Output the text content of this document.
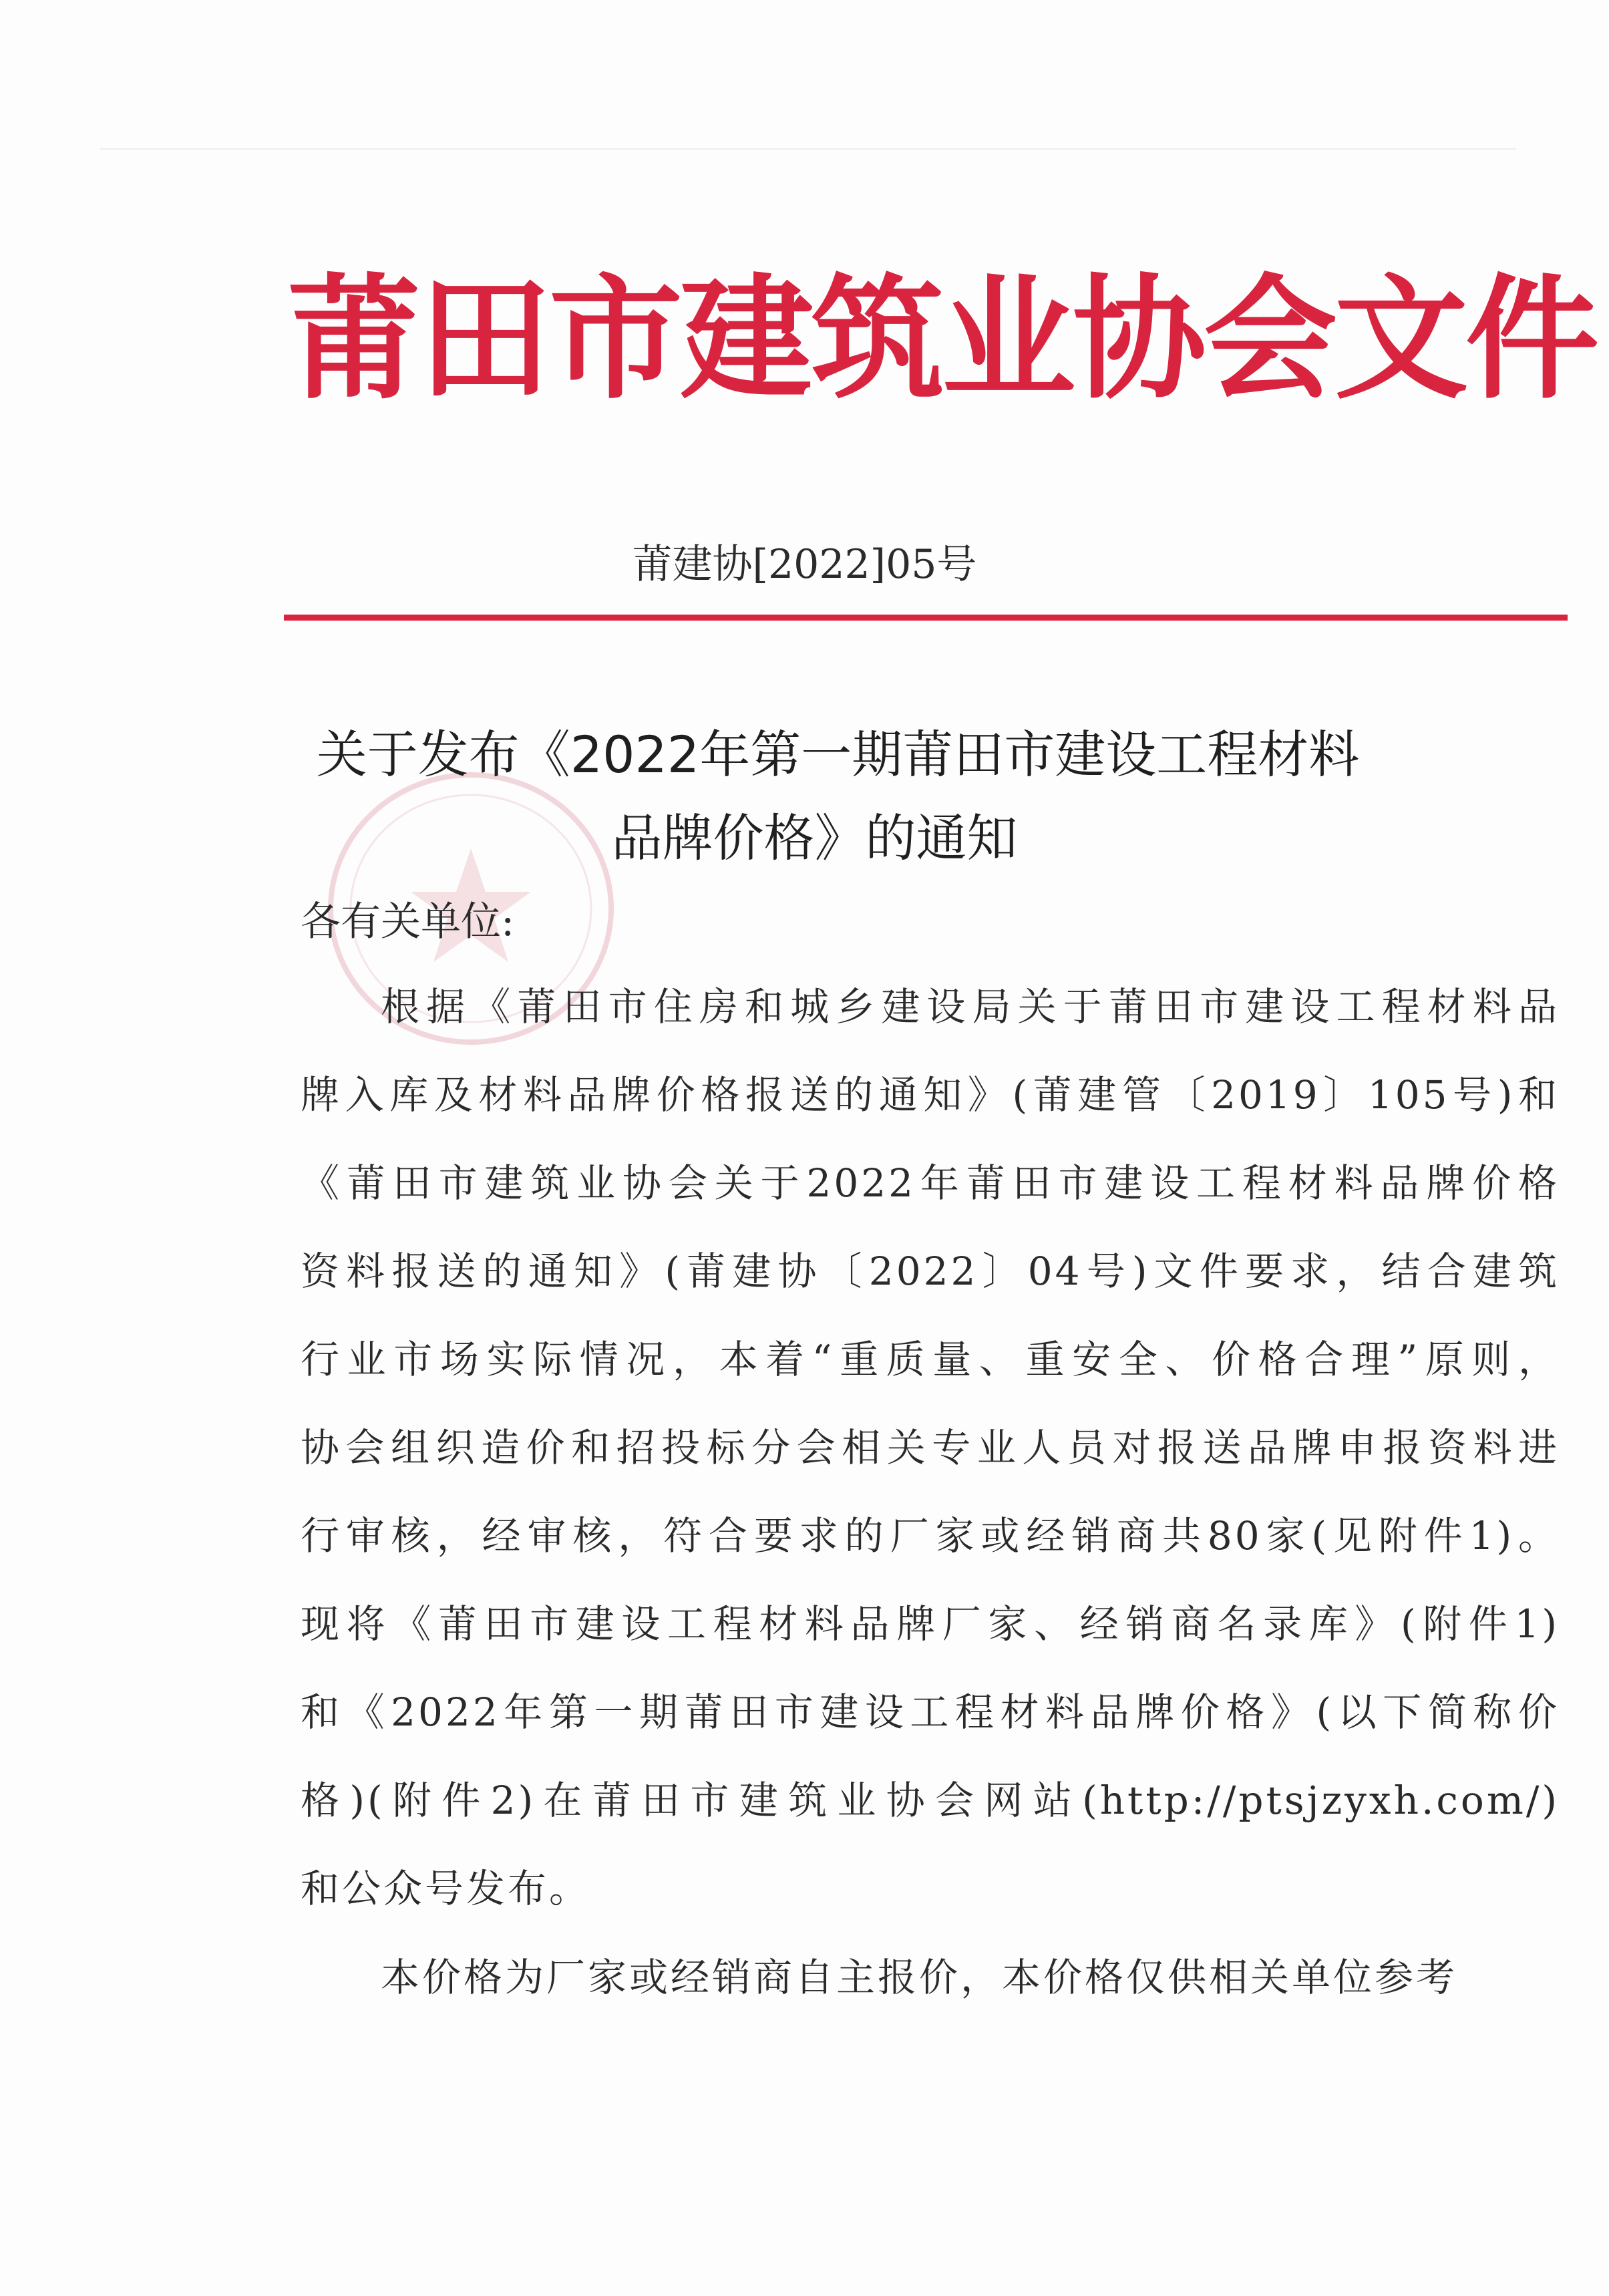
莆田市建筑业协会文件
莆建协[2022]05号
关于发布《2022年第一期莆田市建设工程材料
品牌价格》的通知
各有关单位:
根据《莆田市住房和城乡建设局关于莆田市建设工程材料品
牌入库及材料品牌价格报送的通知》(莆建管〔2019〕105号)和
《莆田市建筑业协会关于2022年莆田市建设工程材料品牌价格
资料报送的通知》(莆建协〔2022〕04号)文件要求，结合建筑
行业市场实际情况，本着“重质量、重安全、价格合理”原则，
协会组织造价和招投标分会相关专业人员对报送品牌申报资料进
行审核，经审核，符合要求的厂家或经销商共80家(见附件1)。
现将《莆田市建设工程材料品牌厂家、经销商名录库》(附件1)
和《2022年第一期莆田市建设工程材料品牌价格》(以下简称价
格)(附件2)在莆田市建筑业协会网站(http://ptsjzyxh.com/)
和公众号发布。
本价格为厂家或经销商自主报价，本价格仅供相关单位参考
